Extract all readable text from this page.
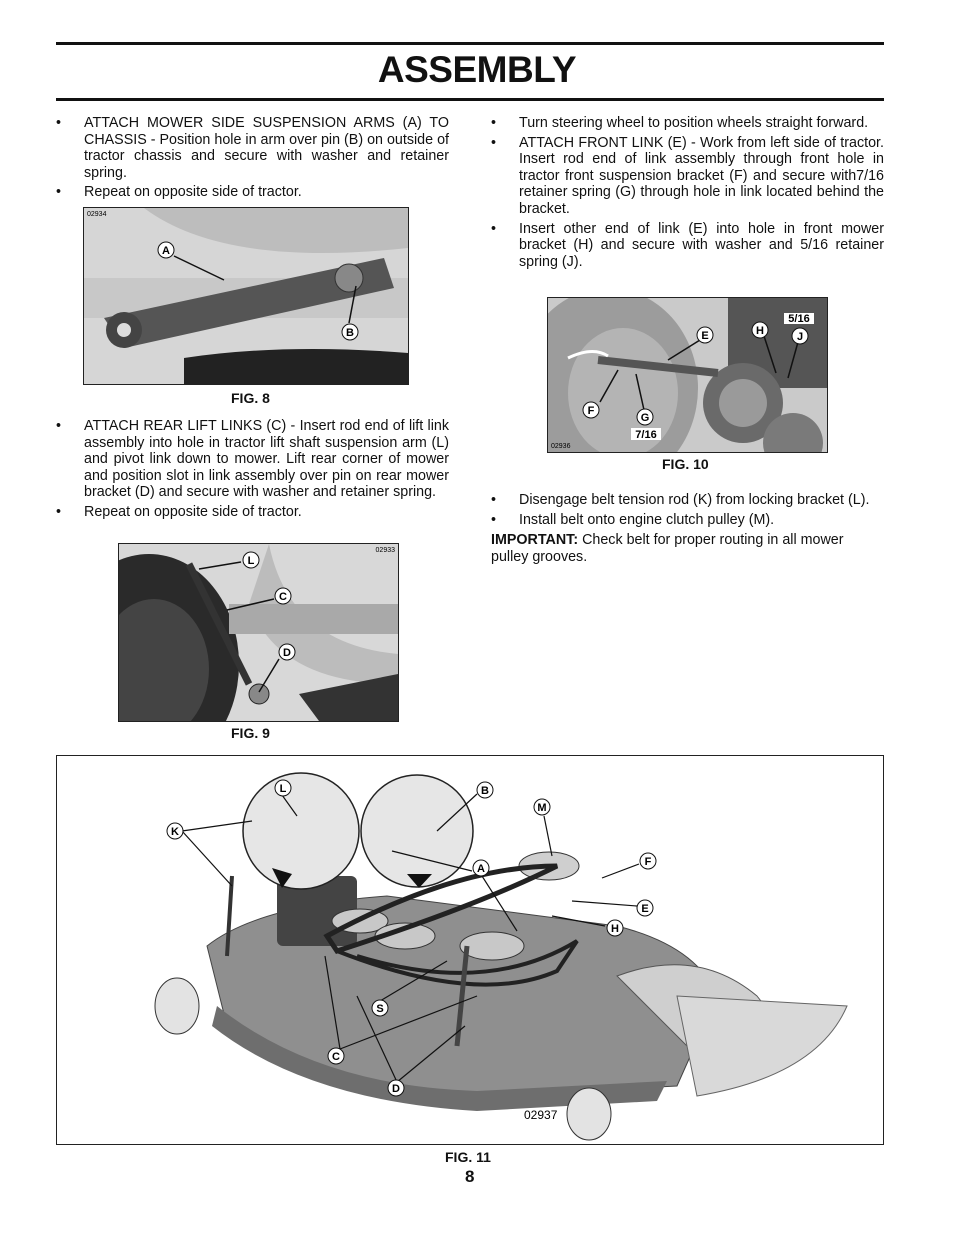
ASSEMBLY
• ATTACH MOWER SIDE SUSPENSION ARMS (A) TO CHASSIS - Position hole in arm over pin (B) on outside of tractor chassis and secure with washer and retainer spring.
• Repeat on opposite side of tractor.
A
B
02934
FIG. 8
• ATTACH REAR LIFT LINKS (C) - Insert rod end of lift link assembly into hole in tractor lift shaft suspension arm (L) and pivot link down to mower. Lift rear corner of mower and position slot in link assembly over pin on rear mower bracket (D) and secure with washer and retainer spring.
• Repeat on opposite side of tractor.
L
C
D
02933
FIG. 9
• Turn steering wheel to position wheels straight forward.
• ATTACH FRONT LINK (E) - Work from left side of tractor. Insert rod end of link assembly through front hole in tractor front suspension bracket (F) and secure with7/16 retainer spring (G) through hole in link located behind the bracket.
• Insert other end of link (E) into hole in front mower bracket (H) and secure with washer and 5/16 retainer spring (J).
E	H	J
5/16
F
G
7/16
02936
FIG. 10
• Disengage belt tension rod (K) from locking bracket (L).
• Install belt onto engine clutch pulley (M).
IMPORTANT: Check belt for proper routing in all mower pulley grooves.
L	B
M
K
A
F
E
H
S
C
D
02937
FIG. 11
8
